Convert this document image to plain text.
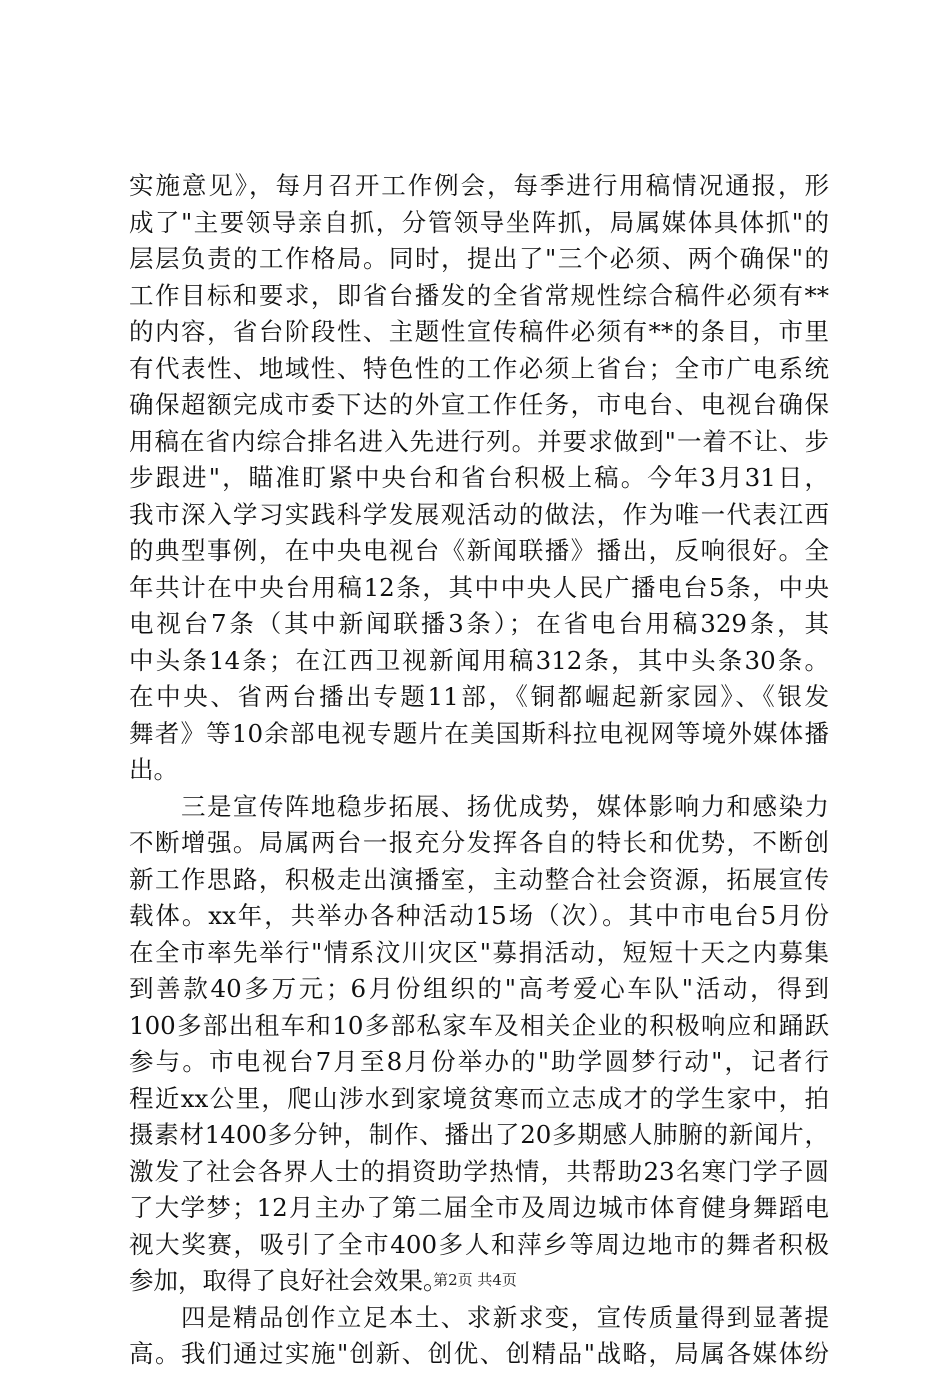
实施意见》，每月召开工作例会，每季进行用稿情况通报，形
成了"主要领导亲自抓，分管领导坐阵抓，局属媒体具体抓"的
层层负责的工作格局。同时，提出了"三个必须、两个确保"的
工作目标和要求，即省台播发的全省常规性综合稿件必须有**
的内容，省台阶段性、主题性宣传稿件必须有**的条目，市里
有代表性、地域性、特色性的工作必须上省台；全市广电系统
确保超额完成市委下达的外宣工作任务，市电台、电视台确保
用稿在省内综合排名进入先进行列。并要求做到"一着不让、步
步跟进"，瞄准盯紧中央台和省台积极上稿。今年3月31日，
我市深入学习实践科学发展观活动的做法，作为唯一代表江西
的典型事例，在中央电视台《新闻联播》播出，反响很好。全
年共计在中央台用稿12条，其中中央人民广播电台5条，中央
电视台7条（其中新闻联播3条）；在省电台用稿329条，其
中头条14条；在江西卫视新闻用稿312条，其中头条30条。
在中央、省两台播出专题11部，《铜都崛起新家园》、《银发
舞者》等10余部电视专题片在美国斯科拉电视网等境外媒体播
出。
　　三是宣传阵地稳步拓展、扬优成势，媒体影响力和感染力
不断增强。局属两台一报充分发挥各自的特长和优势，不断创
新工作思路，积极走出演播室，主动整合社会资源，拓展宣传
载体。xx年，共举办各种活动15场（次）。其中市电台5月份
在全市率先举行"情系汶川灾区"募捐活动，短短十天之内募集
到善款40多万元；6月份组织的"高考爱心车队"活动，得到
100多部出租车和10多部私家车及相关企业的积极响应和踊跃
参与。市电视台7月至8月份举办的"助学圆梦行动"，记者行
程近xx公里，爬山涉水到家境贫寒而立志成才的学生家中，拍
摄素材1400多分钟，制作、播出了20多期感人肺腑的新闻片，
激发了社会各界人士的捐资助学热情，共帮助23名寒门学子圆
了大学梦；12月主办了第二届全市及周边城市体育健身舞蹈电
视大奖赛，吸引了全市400多人和萍乡等周边地市的舞者积极
参加，取得了良好社会效果。
　　四是精品创作立足本土、求新求变，宣传质量得到显著提
高。我们通过实施"创新、创优、创精品"战略，局属各媒体纷
第2页 共4页
